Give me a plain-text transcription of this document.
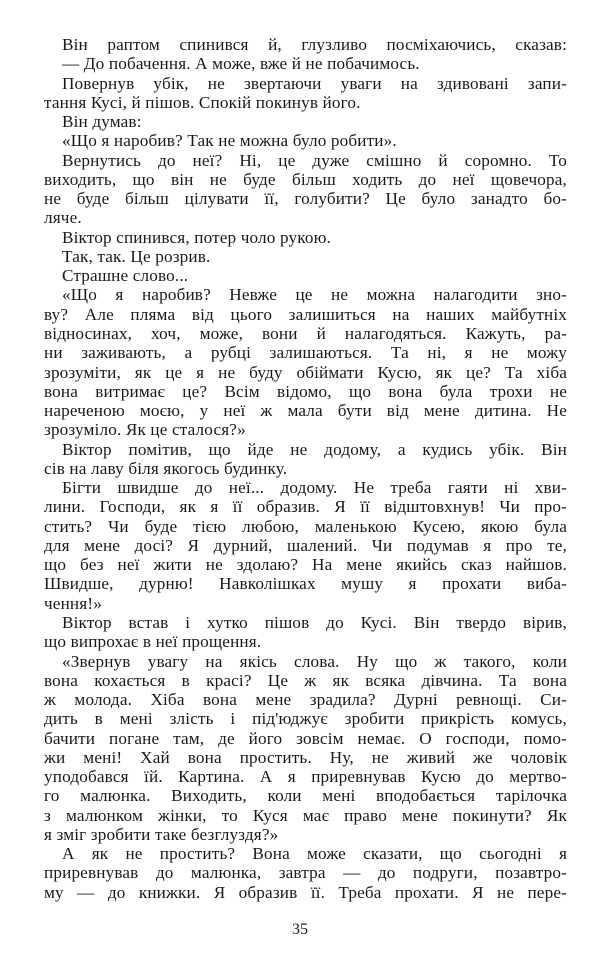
Він раптом спинився й, глузливо посміхаючись, сказав:
— До побачення. А може, вже й не побачимось.
Повернув убік, не звертаючи уваги на здивовані запи-
тання Кусі, й пішов. Спокій покинув його.
Він думав:
«Що я наробив? Так не можна було робити».
Вернутись до неї? Ні, це дуже смішно й соромно. То
виходить, що він не буде більш ходить до неї щовечора,
не буде більш цілувати її, голубити? Це було занадто бо-
ляче.
Віктор спинився, потер чоло рукою.
Так, так. Це розрив.
Страшне слово...
«Що я наробив? Невже це не можна налагодити зно-
ву? Але пляма від цього залишиться на наших майбутніх
відносинах, хоч, може, вони й налагодяться. Кажуть, ра-
ни заживають, а рубці залишаються. Та ні, я не можу
зрозуміти, як це я не буду обіймати Кусю, як це? Та хіба
вона витримає це? Всім відомо, що вона була трохи не
нареченою моєю, у неї ж мала бути від мене дитина. Не
зрозуміло. Як це сталося?»
Віктор помітив, що йде не додому, а кудись убік. Він
сів на лаву біля якогось будинку.
Бігти швидше до неї... додому. Не треба гаяти ні хви-
лини. Господи, як я її образив. Я її відштовхнув! Чи про-
стить? Чи буде тією любою, маленькою Кусею, якою була
для мене досі? Я дурний, шалений. Чи подумав я про те,
що без неї жити не здолаю? На мене якийсь сказ найшов.
Швидше, дурню! Навколішках мушу я прохати вибa-
чення!»
Віктор встав і хутко пішов до Кусі. Він твердо вірив,
що випрохає в неї прощення.
«Звернув увагу на якісь слова. Ну що ж такого, коли
вона кохається в красі? Це ж як всяка дівчина. Та вона
ж молода. Хіба вона мене зрадила? Дурні ревнощі. Си-
дить в мені злість і під'юджує зробити прикрість комусь,
бачити погане там, де його зовсім немає. О господи, помо-
жи мені! Хай вона простить. Ну, не живий же чоловік
уподобався їй. Картина. А я приревнував Кусю до мертво-
го малюнка. Виходить, коли мені вподобається тарілочка
з малюнком жінки, то Куся має право мене покинути? Як
я зміг зробити таке безглуздя?»
А як не простить? Вона може сказати, що сьогодні я
приревнував до малюнка, завтра — до подруги, позавтро-
му — до книжки. Я образив її. Треба прохати. Я не пере-
35
